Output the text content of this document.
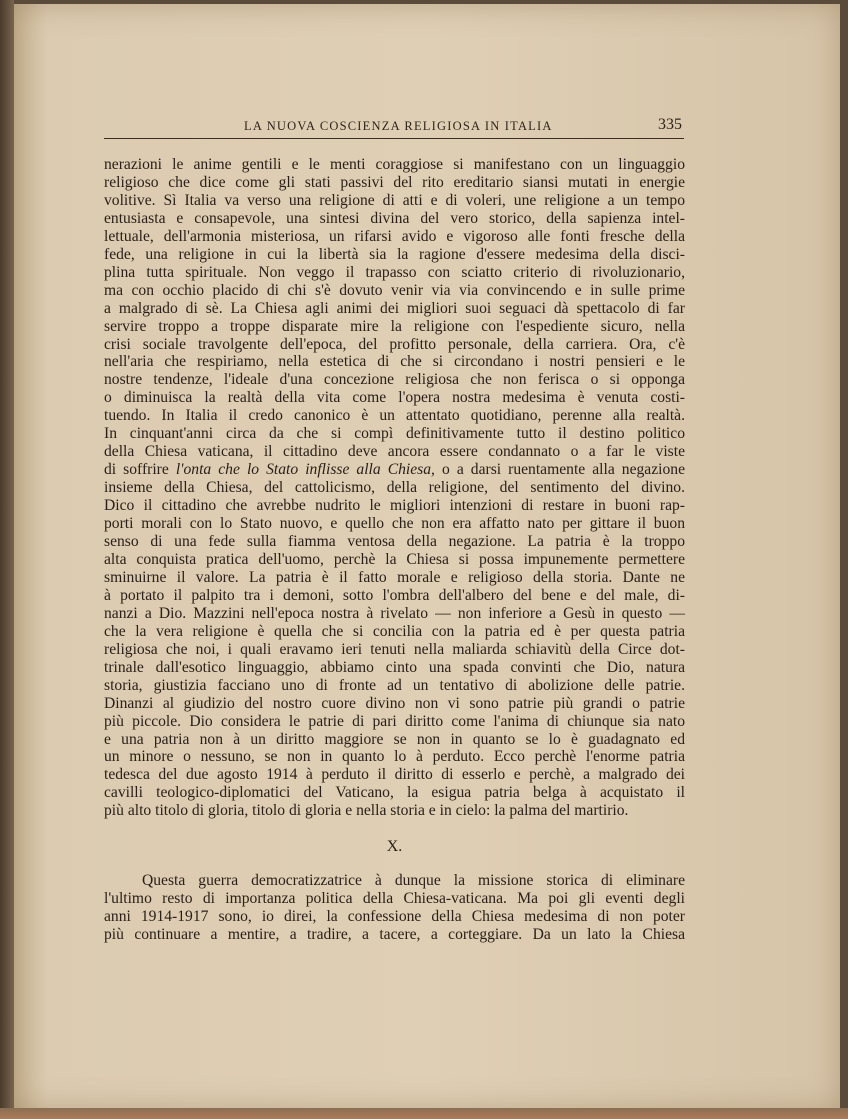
LA NUOVA COSCIENZA RELIGIOSA IN ITALIA	335
nerazioni le anime gentili e le menti coraggiose si manifestano con un linguaggio
religioso che dice come gli stati passivi del rito ereditario siansi mutati in energie
volitive. Sì Italia va verso una religione di atti e di voleri, une religione a un tempo
entusiasta e consapevole, una sintesi divina del vero storico, della sapienza intel-
lettuale, dell'armonia misteriosa, un rifarsi avido e vigoroso alle fonti fresche della
fede, una religione in cui la libertà sia la ragione d'essere medesima della disci-
plina tutta spirituale. Non veggo il trapasso con sciatto criterio di rivoluzionario,
ma con occhio placido di chi s'è dovuto venir via via convincendo e in sulle prime
a malgrado di sè. La Chiesa agli animi dei migliori suoi seguaci dà spettacolo di far
servire troppo a troppe disparate mire la religione con l'espediente sicuro, nella
crisi sociale travolgente dell'epoca, del profitto personale, della carriera. Ora, c'è
nell'aria che respiriamo, nella estetica di che si circondano i nostri pensieri e le
nostre tendenze, l'ideale d'una concezione religiosa che non ferisca o si opponga
o diminuisca la realtà della vita come l'opera nostra medesima è venuta costi-
tuendo. In Italia il credo canonico è un attentato quotidiano, perenne alla realtà.
In cinquant'anni circa da che si compì definitivamente tutto il destino politico
della Chiesa vaticana, il cittadino deve ancora essere condannato o a far le viste
di soffrire l'onta che lo Stato inflisse alla Chiesa, o a darsi ruentamente alla negazione
insieme della Chiesa, del cattolicismo, della religione, del sentimento del divino.
Dico il cittadino che avrebbe nudrito le migliori intenzioni di restare in buoni rap-
porti morali con lo Stato nuovo, e quello che non era affatto nato per gittare il buon
senso di una fede sulla fiamma ventosa della negazione. La patria è la troppo
alta conquista pratica dell'uomo, perchè la Chiesa si possa impunemente permettere
sminuirne il valore. La patria è il fatto morale e religioso della storia. Dante ne
à portato il palpito tra i demoni, sotto l'ombra dell'albero del bene e del male, di-
nanzi a Dio. Mazzini nell'epoca nostra à rivelato — non inferiore a Gesù in questo —
che la vera religione è quella che si concilia con la patria ed è per questa patria
religiosa che noi, i quali eravamo ieri tenuti nella maliarda schiavitù della Circe dot-
trinale dall'esotico linguaggio, abbiamo cinto una spada convinti che Dio, natura
storia, giustizia facciano uno di fronte ad un tentativo di abolizione delle patrie.
Dinanzi al giudizio del nostro cuore divino non vi sono patrie più grandi o patrie
più piccole. Dio considera le patrie di pari diritto come l'anima di chiunque sia nato
e una patria non à un diritto maggiore se non in quanto se lo è guadagnato ed
un minore o nessuno, se non in quanto lo à perduto. Ecco perchè l'enorme patria
tedesca del due agosto 1914 à perduto il diritto di esserlo e perchè, a malgrado dei
cavilli teologico-diplomatici del Vaticano, la esigua patria belga à acquistato il
più alto titolo di gloria, titolo di gloria e nella storia e in cielo: la palma del martirio.
X.
Questa guerra democratizzatrice à dunque la missione storica di eliminare
l'ultimo resto di importanza politica della Chiesa-vaticana. Ma poi gli eventi degli
anni 1914-1917 sono, io direi, la confessione della Chiesa medesima di non poter
più continuare a mentire, a tradire, a tacere, a corteggiare. Da un lato la Chiesa
